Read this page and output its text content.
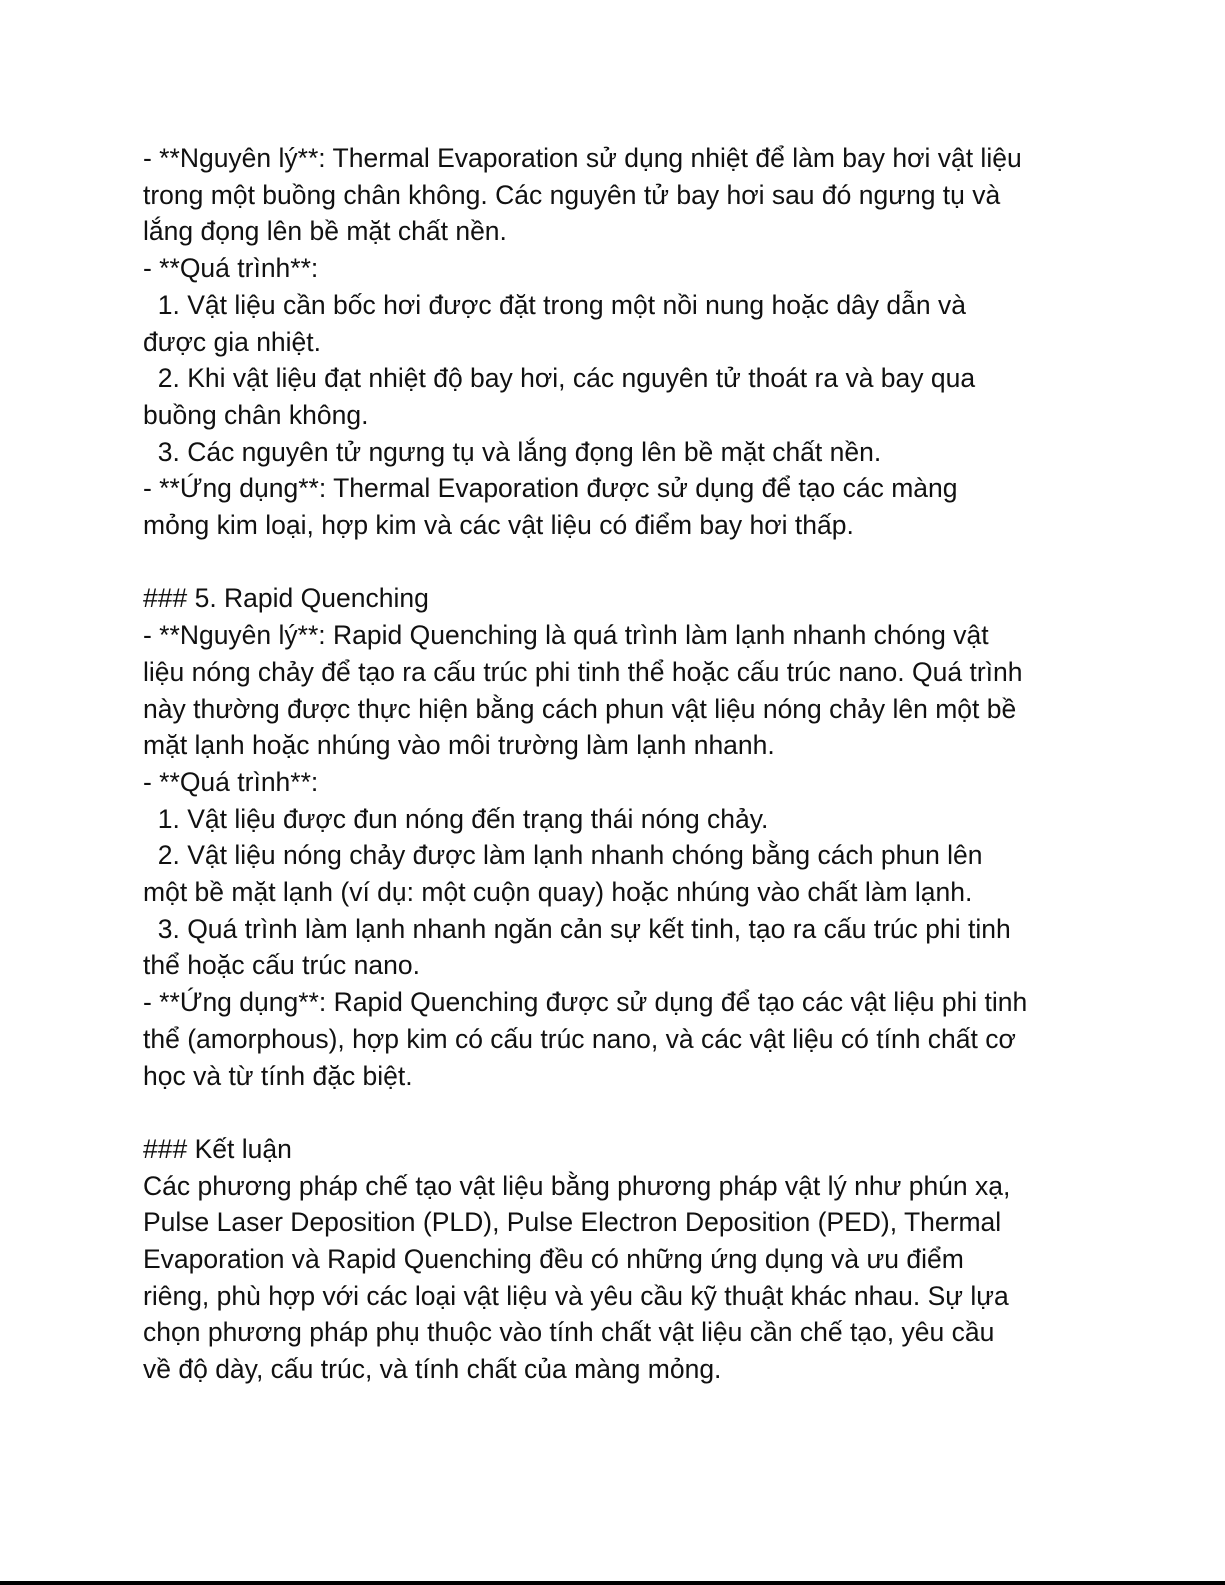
- **Nguyên lý**: Thermal Evaporation sử dụng nhiệt để làm bay hơi vật liệu
trong một buồng chân không. Các nguyên tử bay hơi sau đó ngưng tụ và
lắng đọng lên bề mặt chất nền.
- **Quá trình**:
1. Vật liệu cần bốc hơi được đặt trong một nồi nung hoặc dây dẫn và
được gia nhiệt.
2. Khi vật liệu đạt nhiệt độ bay hơi, các nguyên tử thoát ra và bay qua
buồng chân không.
3. Các nguyên tử ngưng tụ và lắng đọng lên bề mặt chất nền.
- **Ứng dụng**: Thermal Evaporation được sử dụng để tạo các màng
mỏng kim loại, hợp kim và các vật liệu có điểm bay hơi thấp.
### 5. Rapid Quenching
- **Nguyên lý**: Rapid Quenching là quá trình làm lạnh nhanh chóng vật
liệu nóng chảy để tạo ra cấu trúc phi tinh thể hoặc cấu trúc nano. Quá trình
này thường được thực hiện bằng cách phun vật liệu nóng chảy lên một bề
mặt lạnh hoặc nhúng vào môi trường làm lạnh nhanh.
- **Quá trình**:
1. Vật liệu được đun nóng đến trạng thái nóng chảy.
2. Vật liệu nóng chảy được làm lạnh nhanh chóng bằng cách phun lên
một bề mặt lạnh (ví dụ: một cuộn quay) hoặc nhúng vào chất làm lạnh.
3. Quá trình làm lạnh nhanh ngăn cản sự kết tinh, tạo ra cấu trúc phi tinh
thể hoặc cấu trúc nano.
- **Ứng dụng**: Rapid Quenching được sử dụng để tạo các vật liệu phi tinh
thể (amorphous), hợp kim có cấu trúc nano, và các vật liệu có tính chất cơ
học và từ tính đặc biệt.
### Kết luận
Các phương pháp chế tạo vật liệu bằng phương pháp vật lý như phún xạ,
Pulse Laser Deposition (PLD), Pulse Electron Deposition (PED), Thermal
Evaporation và Rapid Quenching đều có những ứng dụng và ưu điểm
riêng, phù hợp với các loại vật liệu và yêu cầu kỹ thuật khác nhau. Sự lựa
chọn phương pháp phụ thuộc vào tính chất vật liệu cần chế tạo, yêu cầu
về độ dày, cấu trúc, và tính chất của màng mỏng.
